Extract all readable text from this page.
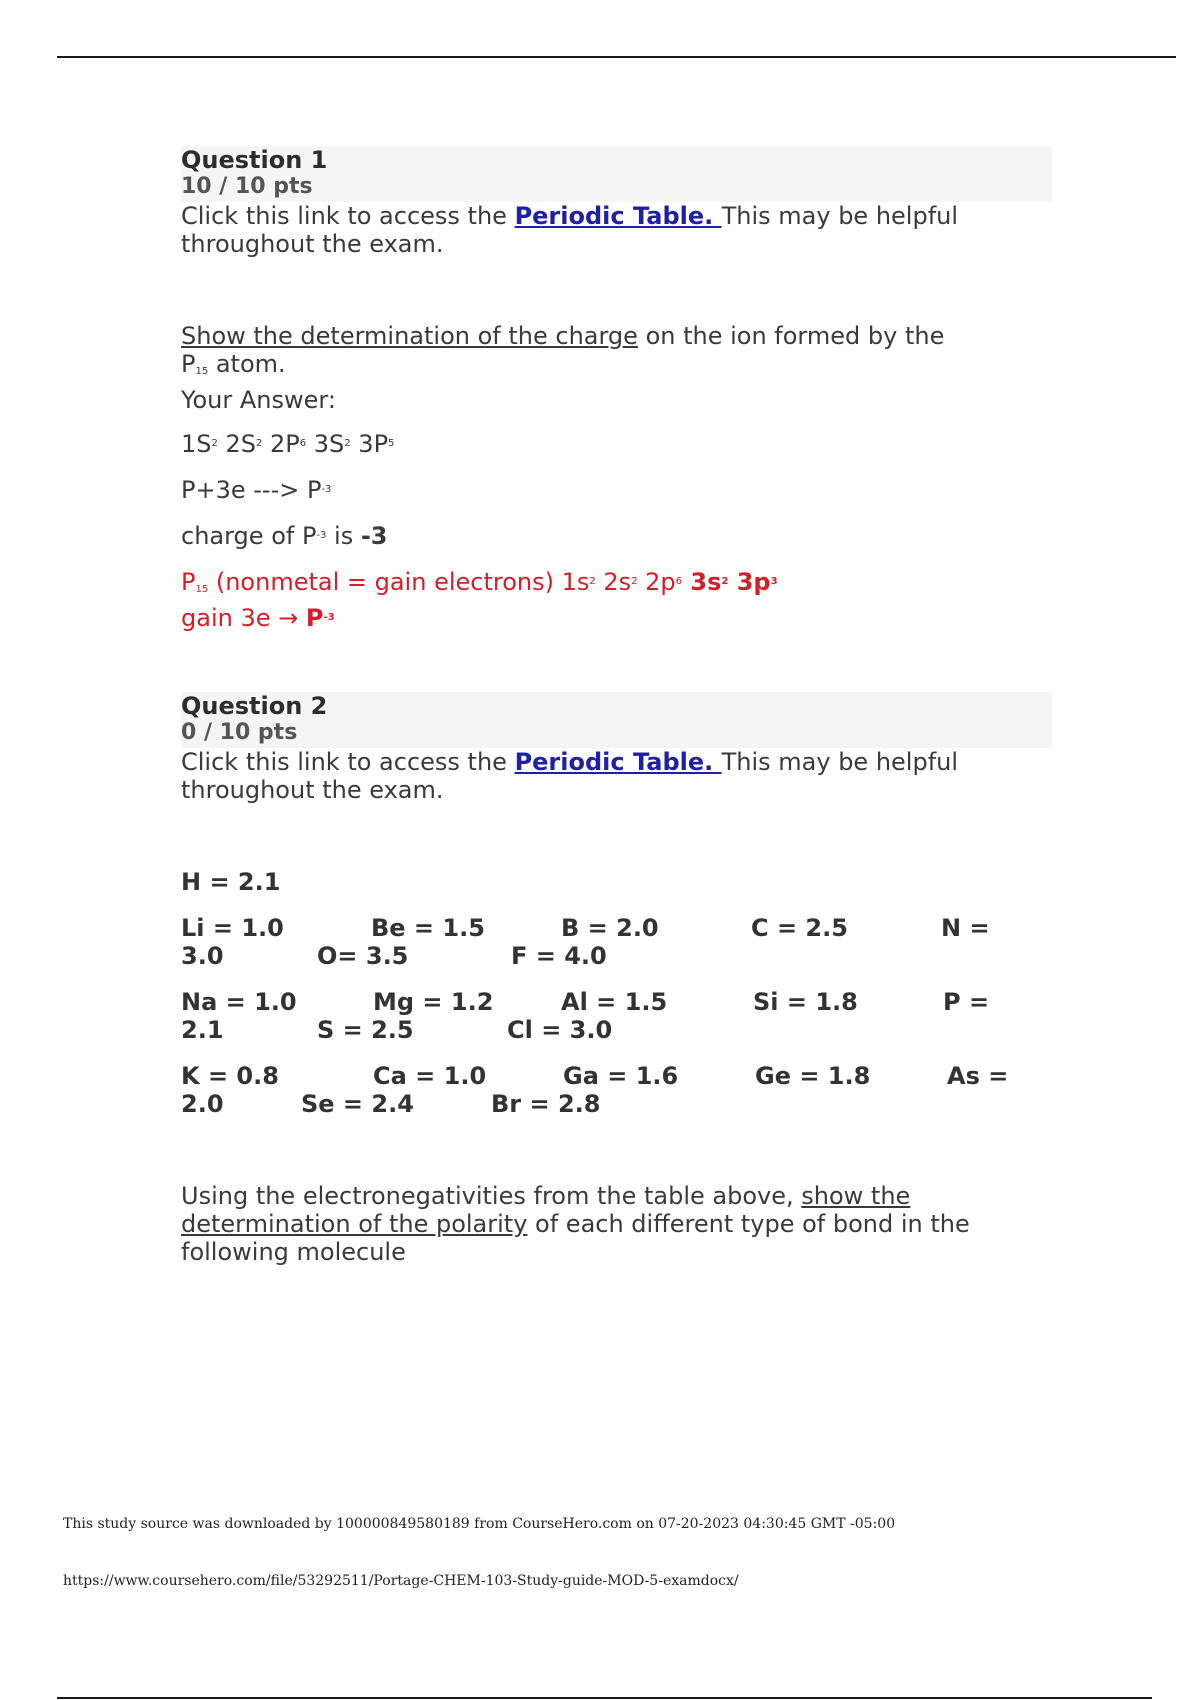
Question 1
10 / 10 pts

Click this link to access the Periodic Table. This may be helpful
throughout the exam.

Show the determination of the charge on the ion formed by the
$P_{15}$ atom.
Your Answer:

$1S^2$ $2S^2$ $2P^6$ $3S^2$ $3P^5$

P+3e ---> $P^{-3}$

charge of $P^{-3}$ is -3

$P_{15}$ (nonmetal = gain electrons) $1s^2$ $2s^2$ $2p^6$ $3s^2$ $3p^3$
gain $3e \to P^{-3}$

Question 2
0 / 10 pts

Click this link to access the Periodic Table. This may be helpful
throughout the exam.

H = 2.1

Li = 1.0	Be = 1.5	B = 2.0	C = 2.5	N =
3.0	O= 3.5	F = 4.0

Na = 1.0	Mg = 1.2	Al = 1.5	Si = 1.8	P =
2.1	S = 2.5	Cl = 3.0

K = 0.8	Ca = 1.0	Ga = 1.6	Ge = 1.8	As =
2.0	Se = 2.4	Br = 2.8

Using the electronegativities from the table above, show the
determination of the polarity of each different type of bond in the
following molecule

This study source was downloaded by 100000849580189 from CourseHero.com on 07-20-2023 04:30:45 GMT -05:00
https://www.coursehero.com/file/53292511/Portage-CHEM-103-Study-guide-MOD-5-examdocx/
